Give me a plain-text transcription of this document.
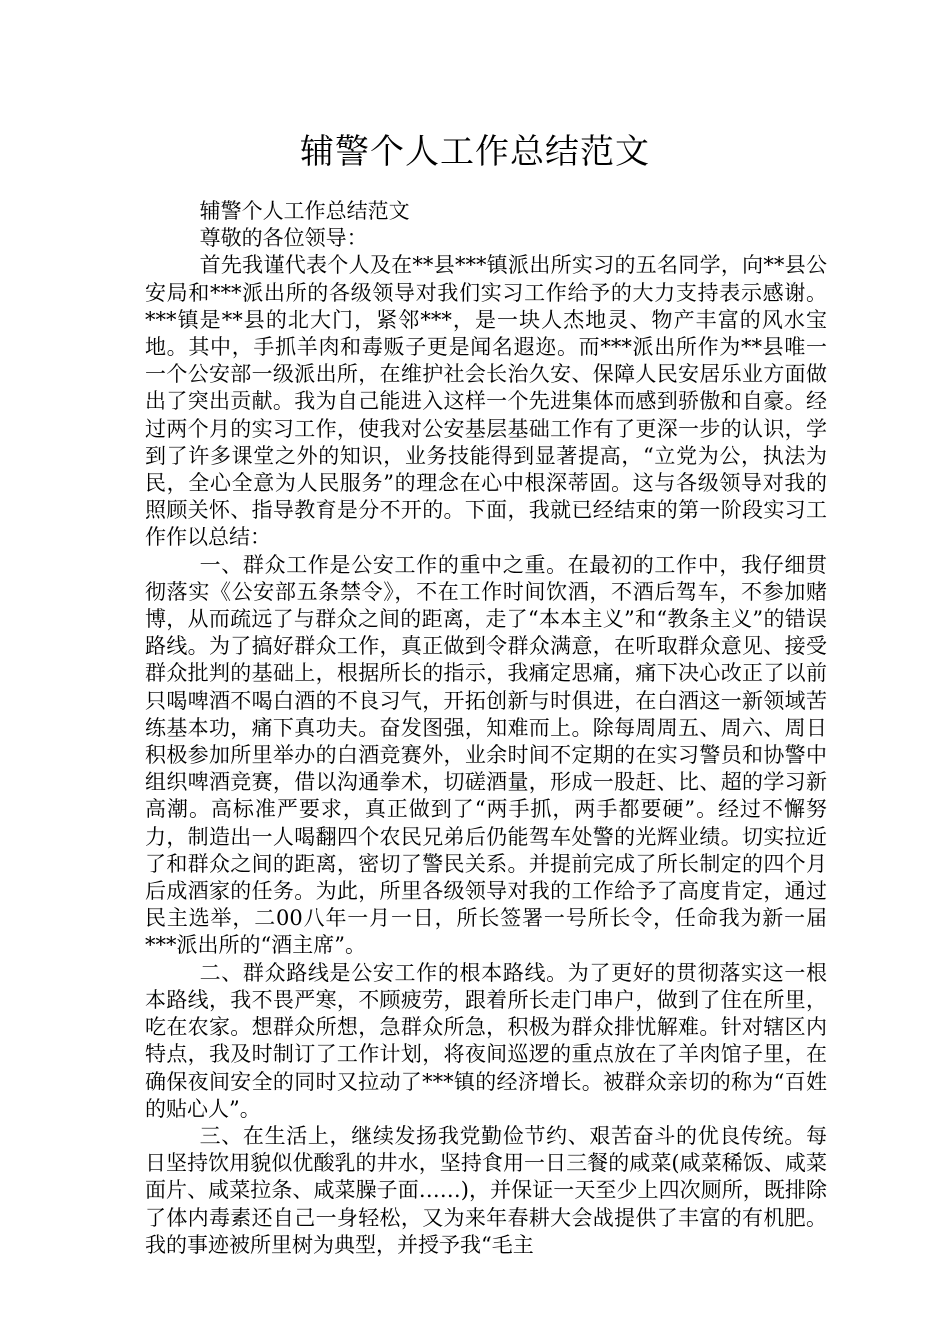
辅警个人工作总结范文

辅警个人工作总结范文

尊敬的各位领导：

首先我谨代表个人及在**县***镇派出所实习的五名同学，向**县公安局和***派出所的各级领导对我们实习工作给予的大力支持表示感谢。***镇是**县的北大门，紧邻***，是一块人杰地灵、物产丰富的风水宝地。其中，手抓羊肉和毒贩子更是闻名遐迩。而***派出所作为**县唯一一个公安部一级派出所，在维护社会长治久安、保障人民安居乐业方面做出了突出贡献。我为自己能进入这样一个先进集体而感到骄傲和自豪。经过两个月的实习工作，使我对公安基层基础工作有了更深一步的认识，学到了许多课堂之外的知识，业务技能得到显著提高，“立党为公，执法为民，全心全意为人民服务”的理念在心中根深蒂固。这与各级领导对我的照顾关怀、指导教育是分不开的。下面，我就已经结束的第一阶段实习工作作以总结：

一、群众工作是公安工作的重中之重。在最初的工作中，我仔细贯彻落实《公安部五条禁令》，不在工作时间饮酒，不酒后驾车，不参加赌博，从而疏远了与群众之间的距离，走了“本本主义”和“教条主义”的错误路线。为了搞好群众工作，真正做到令群众满意，在听取群众意见、接受群众批判的基础上，根据所长的指示，我痛定思痛，痛下决心改正了以前只喝啤酒不喝白酒的不良习气，开拓创新与时俱进，在白酒这一新领域苦练基本功，痛下真功夫。奋发图强，知难而上。除每周周五、周六、周日积极参加所里举办的白酒竞赛外，业余时间不定期的在实习警员和协警中组织啤酒竞赛，借以沟通拳术，切磋酒量，形成一股赶、比、超的学习新高潮。高标准严要求，真正做到了“两手抓，两手都要硬”。经过不懈努力，制造出一人喝翻四个农民兄弟后仍能驾车处警的光辉业绩。切实拉近了和群众之间的距离，密切了警民关系。并提前完成了所长制定的四个月后成酒家的任务。为此，所里各级领导对我的工作给予了高度肯定，通过民主选举，二00八年一月一日，所长签署一号所长令，任命我为新一届***派出所的“酒主席”。

二、群众路线是公安工作的根本路线。为了更好的贯彻落实这一根本路线，我不畏严寒，不顾疲劳，跟着所长走门串户，做到了住在所里，吃在农家。想群众所想，急群众所急，积极为群众排忧解难。针对辖区内特点，我及时制订了工作计划，将夜间巡逻的重点放在了羊肉馆子里，在确保夜间安全的同时又拉动了***镇的经济增长。被群众亲切的称为“百姓的贴心人”。

三、在生活上，继续发扬我党勤俭节约、艰苦奋斗的优良传统。每日坚持饮用貌似优酸乳的井水，坚持食用一日三餐的咸菜(咸菜稀饭、咸菜面片、咸菜拉条、咸菜臊子面……)，并保证一天至少上四次厕所，既排除了体内毒素还自己一身轻松，又为来年春耕大会战提供了丰富的有机肥。我的事迹被所里树为典型，并授予我“毛主
